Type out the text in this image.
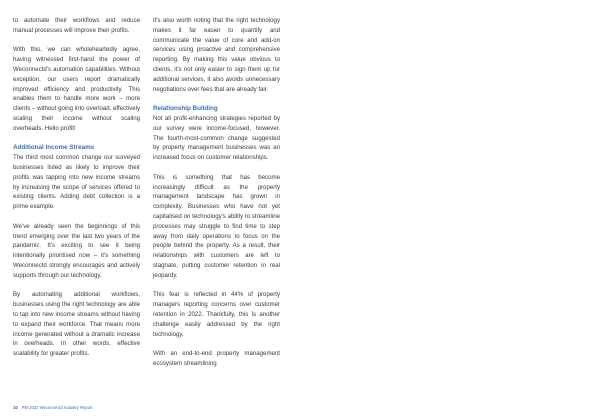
to automate their workflows and reduce manual processes will improve their profits.

With this, we can wholeheartedly agree, having witnessed first-hand the power of Weconnectd's automation capabilities. Without exception, our users report dramatically improved efficiency and productivity. This enables them to handle more work – more clients – without going into overload, effectively scaling their income without scaling overheads. Hello profit!

Additional Income Streams

The third most common change our surveyed businesses listed as likely to improve their profits was tapping into new income streams by increasing the scope of services offered to existing clients. Adding debt collection is a prime example.

We've already seen the beginnings of this trend emerging over the last two years of the pandemic. It's exciting to see it being intentionally prioritised now – it's something Weconnectd strongly encourages and actively supports through our technology.

By automating additional workflows, businesses using the right technology are able to tap into new income streams without having to expand their workforce. That means more income generated without a dramatic increase in overheads. In other words, effective scalability for greater profits.

It's also worth noting that the right technology makes it far easier to quantify and communicate the value of core and add-on services using proactive and comprehensive reporting. By making this value obvious to clients, it's not only easier to sign them up for additional services, it also avoids unnecessary negotiations over fees that are already fair.

Relationship Building

Not all profit-enhancing strategies reported by our survey were income-focused, however. The fourth-most-common change suggested by property management businesses was an increased focus on customer relationships.

This is something that has become increasingly difficult as the property management landscape has grown in complexity. Businesses who have not yet capitalised on technology's ability to streamline processes may struggle to find time to step away from daily operations to focus on the people behind the property. As a result, their relationships with customers are left to stagnate, putting customer retention in real jeopardy.

This fear is reflected in 44% of property managers reporting concerns over customer retention in 2022. Thankfully, this is another challenge easily addressed by the right technology.

With an end-to-end property management ecosystem streamlining

10 PM 2022 Weconnectd Industry Report
